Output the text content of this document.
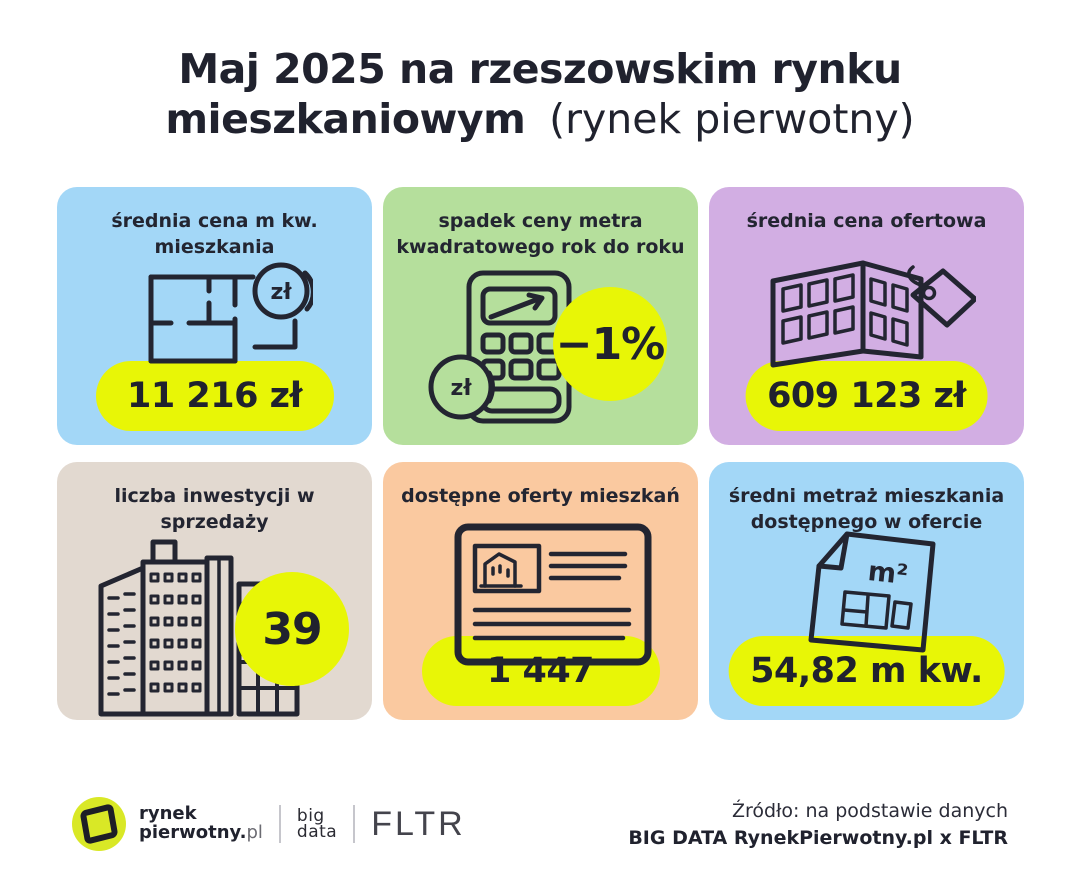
Maj 2025 na rzeszowskim rynku mieszkaniowym (rynek pierwotny)
średnia cena m kw. mieszkania
zł
11 216 zł
spadek ceny metra kwadratowego rok do roku
zł
−1%
średnia cena ofertowa
609 123 zł
liczba inwestycji w sprzedaży
39
dostępne oferty mieszkań
1 447
średni metraż mieszkania dostępnego w ofercie
m²
54,82 m kw.
rynek
pierwotny.pl
big
data FLTR	Źródło: na podstawie danych
BIG DATA RynekPierwotny.pl x FLTR
